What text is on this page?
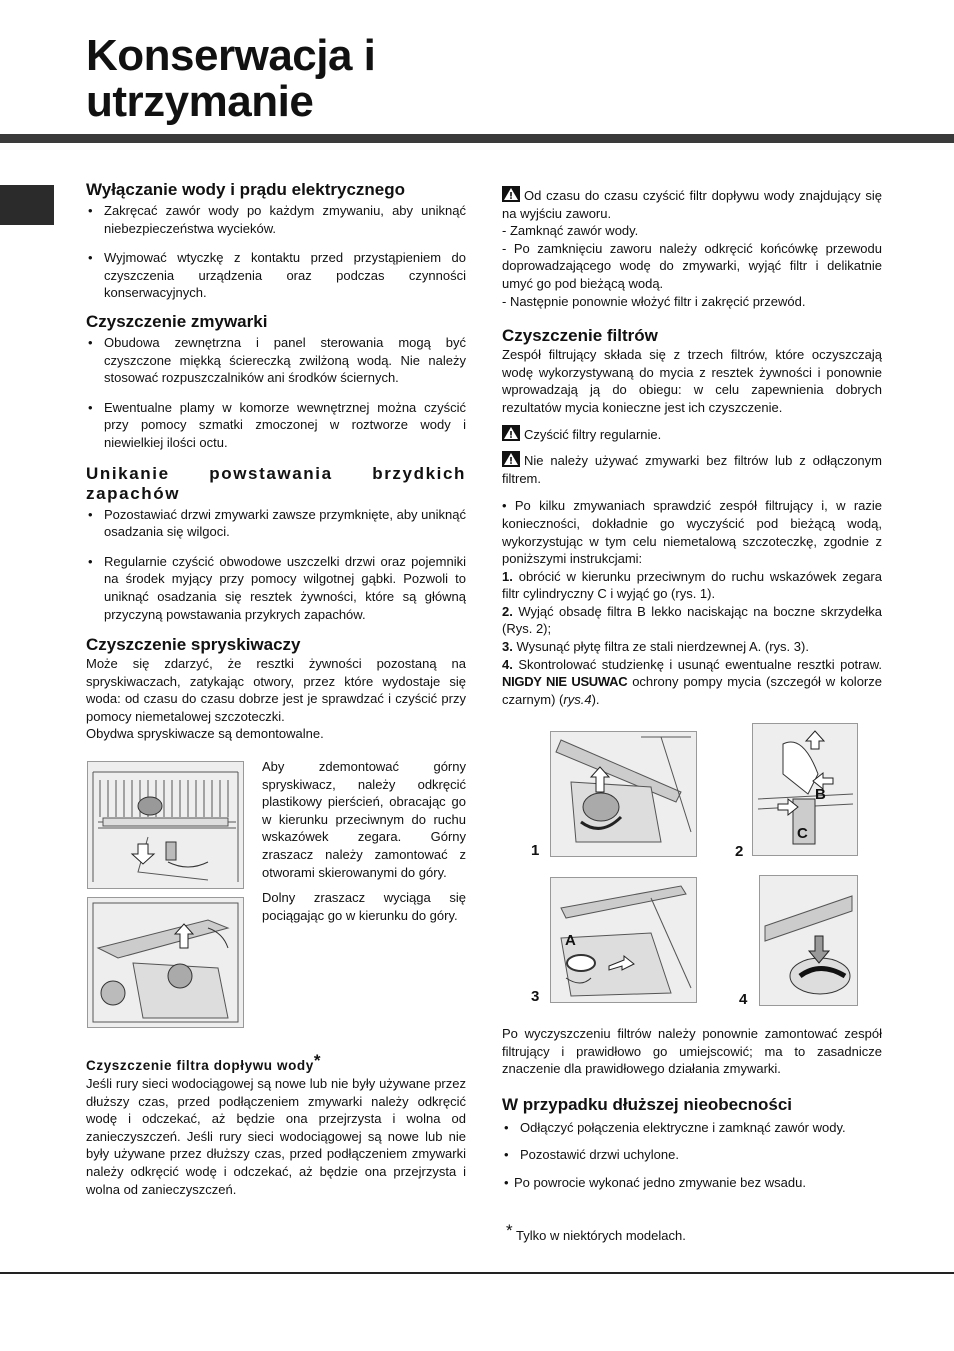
Konserwacja i utrzymanie
Wyłączanie wody i prądu elektrycznego
• Zakręcać zawór wody po każdym zmywaniu, aby uniknąć niebezpieczeństwa wycieków.
• Wyjmować wtyczkę z kontaktu przed przystąpieniem do czyszczenia urządzenia oraz podczas czynności konserwacyjnych.
Czyszczenie zmywarki
• Obudowa zewnętrzna i panel sterowania mogą być czyszczone miękką ściereczką zwilżoną wodą. Nie należy stosować rozpuszczalników ani środków ściernych.
• Ewentualne plamy w komorze wewnętrznej można czyścić przy pomocy szmatki zmoczonej w roztworze wody i niewielkiej ilości octu.
Unikanie powstawania brzydkich zapachów
• Pozostawiać drzwi zmywarki zawsze przymknięte, aby uniknąć osadzania się wilgoci.
• Regularnie czyścić obwodowe uszczelki drzwi oraz pojemniki na środek myjący przy pomocy wilgotnej gąbki. Pozwoli to uniknąć osadzania się resztek żywności, które są główną przyczyną powstawania przykrych zapachów.
Czyszczenie spryskiwaczy

Może się zdarzyć, że resztki żywności pozostaną na spryskiwaczach, zatykając otwory, przez które wydostaje się woda: od czasu do czasu dobrze jest je sprawdzać i czyścić przy pomocy niemetalowej szczoteczki.

Obydwa spryskiwacze są demontowalne.

Aby zdemontować górny spryskiwacz, należy odkręcić plastikowy pierścień, obracając go w kierunku przeciwnym do ruchu wskazówek zegara. Górny zraszacz należy zamontować z otworami skierowanymi do góry.

Dolny zraszacz wyciąga się pociągając go w kierunku do góry.

Czyszczenie filtra dopływu wody*

Jeśli rury sieci wodociągowej są nowe lub nie były używane przez dłuższy czas, przed podłączeniem zmywarki należy odkręcić wodę i odczekać, aż będzie ona przejrzysta i wolna od zanieczyszczeń. Jeśli rury sieci wodociągowej są nowe lub nie były używane przez dłuższy czas, przed podłączeniem zmywarki należy odkręcić wodę i odczekać, aż będzie ona przejrzysta i wolna od zanieczyszczeń.

Od czasu do czasu czyścić filtr dopływu wody znajdujący się na wyjściu zaworu.

- Zamknąć zawór wody.

- Po zamknięciu zaworu należy odkręcić końcówkę przewodu doprowadzającego wodę do zmywarki, wyjąć filtr i delikatnie umyć go pod bieżącą wodą.

- Następnie ponownie włożyć filtr i zakręcić przewód.

Czyszczenie filtrów

Zespół filtrujący składa się z trzech filtrów, które oczyszczają wodę wykorzystywaną do mycia z resztek żywności i ponownie wprowadzają ją do obiegu: w celu zapewnienia dobrych rezultatów mycia konieczne jest ich czyszczenie.

Czyścić filtry regularnie.

Nie należy używać zmywarki bez filtrów lub z odłączonym filtrem.

• Po kilku zmywaniach sprawdzić zespół filtrujący i, w razie konieczności, dokładnie go wyczyścić pod bieżącą wodą, wykorzystując w tym celu niemetalową szczoteczkę, zgodnie z poniższymi instrukcjami:

1. obrócić w kierunku przeciwnym do ruchu wskazówek zegara filtr cylindryczny C i wyjąć go (rys. 1).

2. Wyjąć obsadę filtra B lekko naciskając na boczne skrzydełka (Rys. 2);

3. Wysunąć płytę filtra ze stali nierdzewnej A. (rys. 3).

4. Skontrolować studzienkę i usunąć ewentualne resztki potraw. NIGDY NIE USUWAC ochrony pompy mycia (szczegół w kolorze czarnym) (rys.4).

1	2
3	4
B
C
A

Po wyczyszczeniu filtrów należy ponownie zamontować zespół filtrujący i prawidłowo go umiejscowić; ma to zasadnicze znaczenie dla prawidłowego działania zmywarki.

W przypadku dłuższej nieobecności
• Odłączyć połączenia elektryczne i zamknąć zawór wody.
• Pozostawić drzwi uchylone.
• Po powrocie wykonać jedno zmywanie bez wsadu.
* Tylko w niektórych modelach.
